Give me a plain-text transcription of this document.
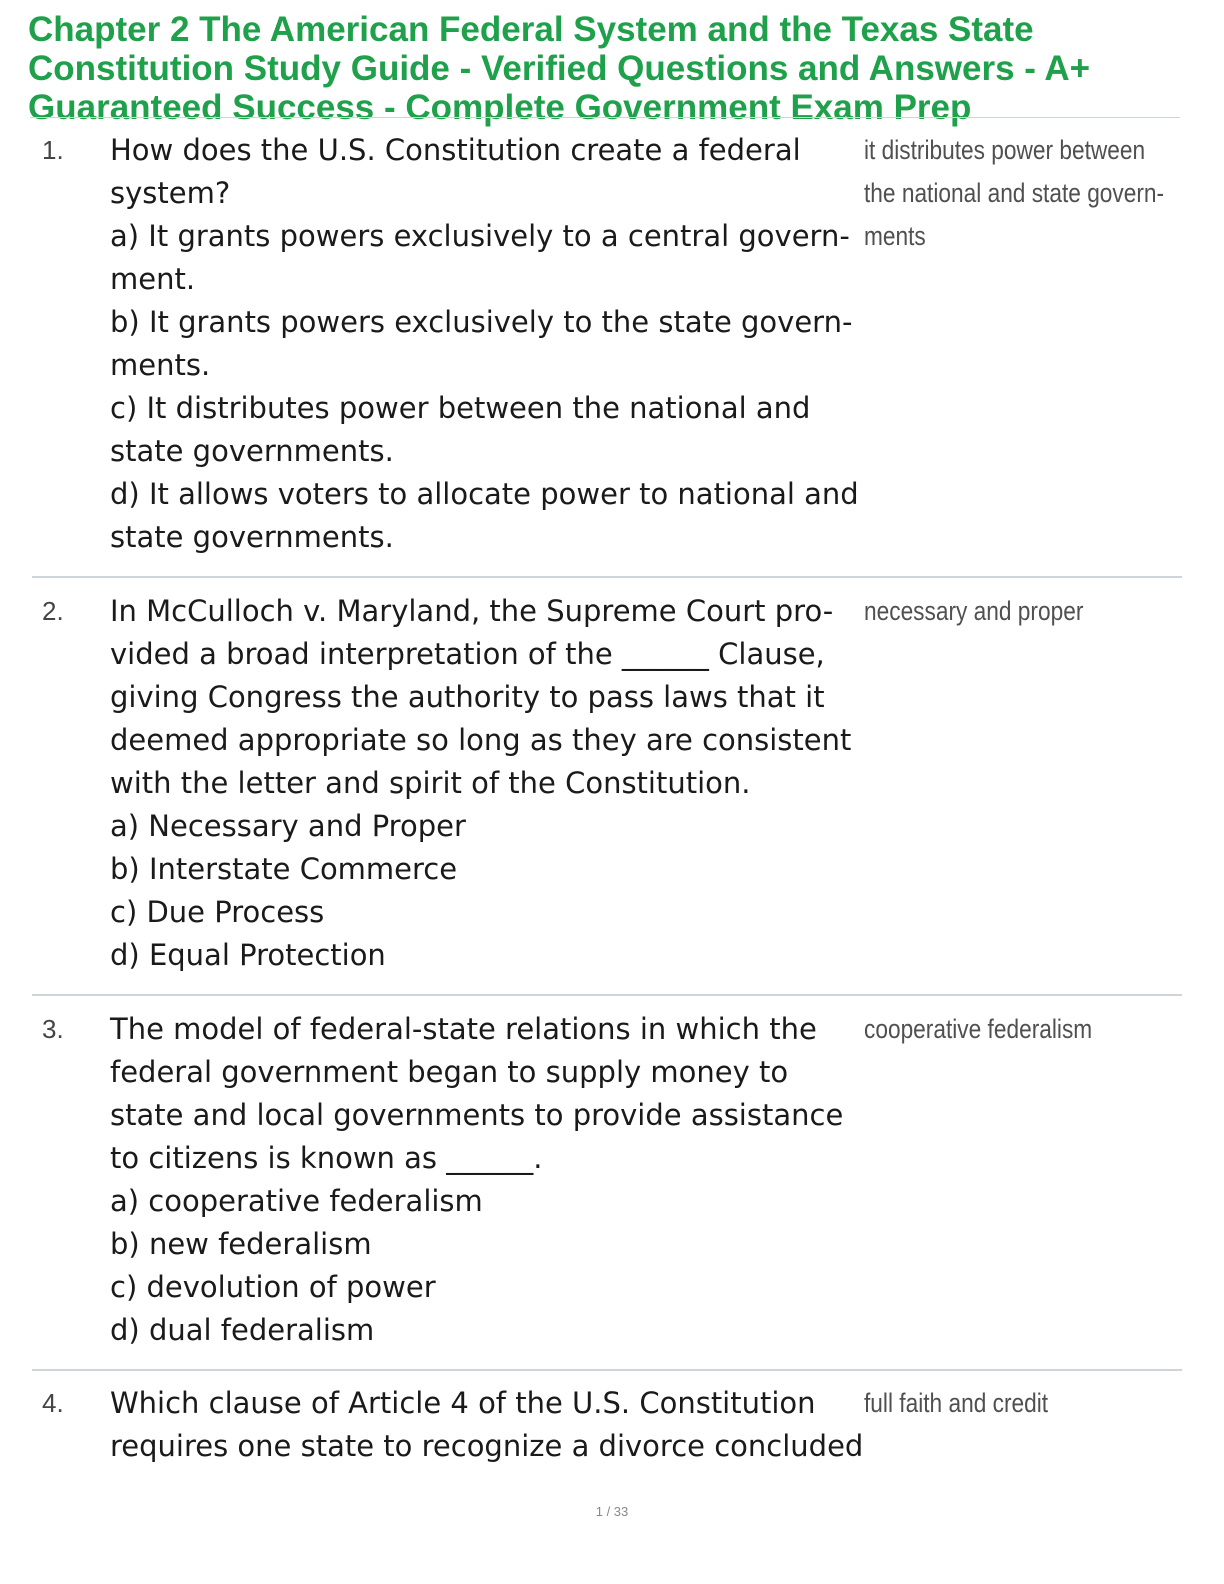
Chapter 2 The American Federal System and the Texas State
Constitution Study Guide - Verified Questions and Answers - A+
Guaranteed Success - Complete Government Exam Prep
1. How does the U.S. Constitution create a federal
system?
a) It grants powers exclusively to a central govern-
ment.
b) It grants powers exclusively to the state govern-
ments.
c) It distributes power between the national and
state governments.
d) It allows voters to allocate power to national and
state governments.
it distributes power between
the national and state govern-
ments
2. In McCulloch v. Maryland, the Supreme Court pro-
vided a broad interpretation of the ______ Clause,
giving Congress the authority to pass laws that it
deemed appropriate so long as they are consistent
with the letter and spirit of the Constitution.
a) Necessary and Proper
b) Interstate Commerce
c) Due Process
d) Equal Protection
necessary and proper
3. The model of federal-state relations in which the
federal government began to supply money to
state and local governments to provide assistance
to citizens is known as ______.
a) cooperative federalism
b) new federalism
c) devolution of power
d) dual federalism
cooperative federalism
4. Which clause of Article 4 of the U.S. Constitution
requires one state to recognize a divorce concluded
full faith and credit
1 / 33
